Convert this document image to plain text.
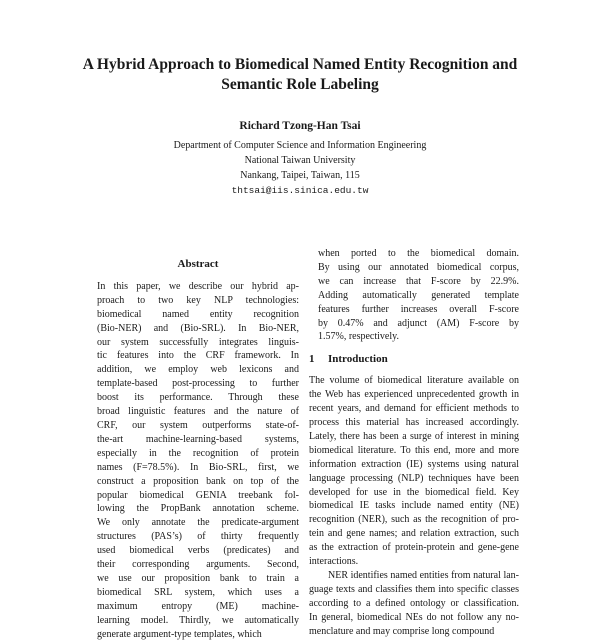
A Hybrid Approach to Biomedical Named Entity Recognition and
Semantic Role Labeling
Richard Tzong-Han Tsai
Department of Computer Science and Information Engineering
National Taiwan University
Nankang, Taipei, Taiwan, 115
thtsai@iis.sinica.edu.tw
Abstract
In this paper, we describe our hybrid ap-
proach to two key NLP technologies:
biomedical named entity recognition
(Bio-NER) and (Bio-SRL). In Bio-NER,
our system successfully integrates linguis-
tic features into the CRF framework. In
addition, we employ web lexicons and
template-based post-processing to further
boost its performance. Through these
broad linguistic features and the nature of
CRF, our system outperforms state-of-
the-art machine-learning-based systems,
especially in the recognition of protein
names (F=78.5%). In Bio-SRL, first, we
construct a proposition bank on top of the
popular biomedical GENIA treebank fol-
lowing the PropBank annotation scheme.
We only annotate the predicate-argument
structures (PAS’s) of thirty frequently
used biomedical verbs (predicates) and
their corresponding arguments. Second,
we use our proposition bank to train a
biomedical SRL system, which uses a
maximum entropy (ME) machine-
learning model. Thirdly, we automatically
generate argument-type templates, which
when ported to the biomedical domain.
By using our annotated biomedical corpus,
we can increase that F-score by 22.9%.
Adding automatically generated template
features further increases overall F-score
by 0.47% and adjunct (AM) F-score by
1.57%, respectively.
1 Introduction
The volume of biomedical literature available on
the Web has experienced unprecedented growth in
recent years, and demand for efficient methods to
process this material has increased accordingly.
Lately, there has been a surge of interest in mining
biomedical literature. To this end, more and more
information extraction (IE) systems using natural
language processing (NLP) techniques have been
developed for use in the biomedical field. Key
biomedical IE tasks include named entity (NE)
recognition (NER), such as the recognition of pro-
tein and gene names; and relation extraction, such
as the extraction of protein-protein and gene-gene
interactions.
NER identifies named entities from natural lan-
guage texts and classifies them into specific classes
according to a defined ontology or classification.
In general, biomedical NEs do not follow any no-
menclature and may comprise long compound
